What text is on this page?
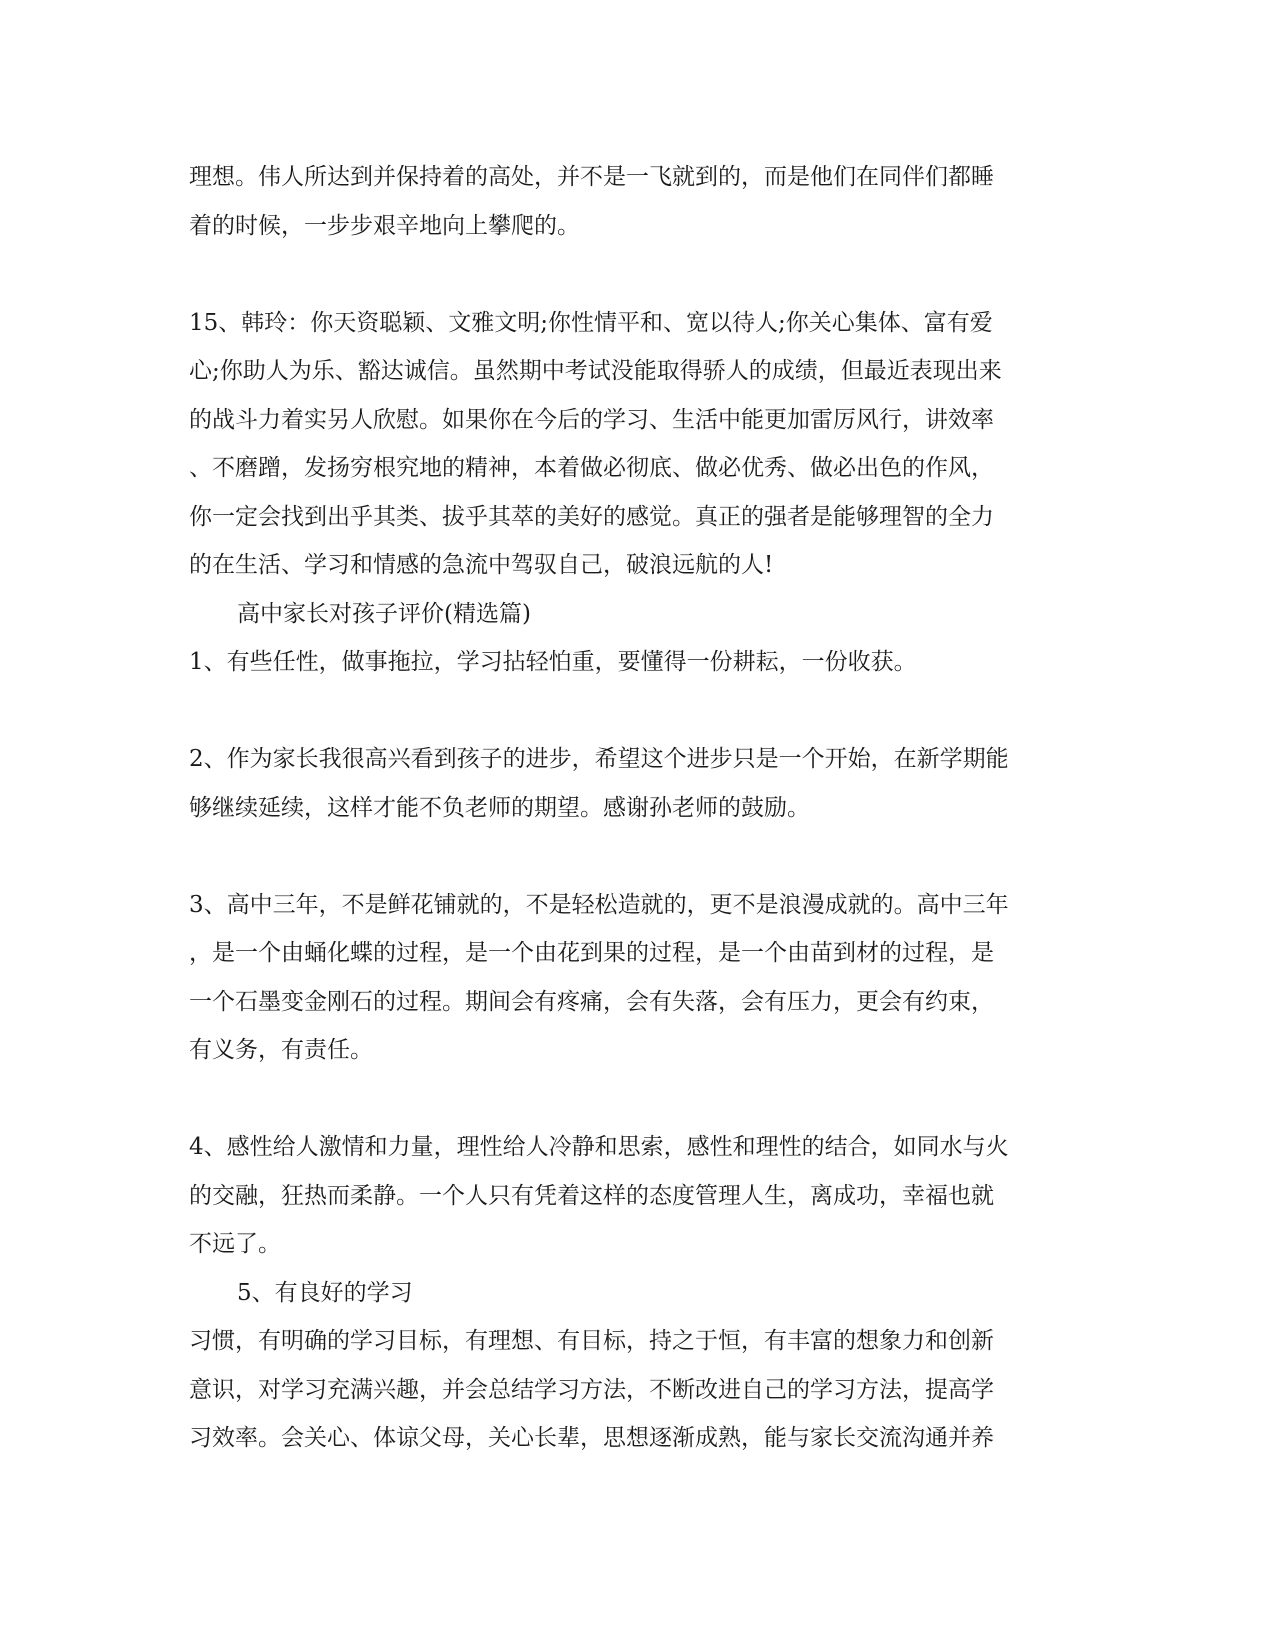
理想。伟人所达到并保持着的高处，并不是一飞就到的，而是他们在同伴们都睡
着的时候，一步步艰辛地向上攀爬的。
15、韩玲：你天资聪颖、文雅文明;你性情平和、宽以待人;你关心集体、富有爱
心;你助人为乐、豁达诚信。虽然期中考试没能取得骄人的成绩，但最近表现出来
的战斗力着实另人欣慰。如果你在今后的学习、生活中能更加雷厉风行，讲效率
、不磨蹭，发扬穷根究地的精神，本着做必彻底、做必优秀、做必出色的作风，
你一定会找到出乎其类、拔乎其萃的美好的感觉。真正的强者是能够理智的全力
的在生活、学习和情感的急流中驾驭自己，破浪远航的人!
高中家长对孩子评价(精选篇)
1、有些任性，做事拖拉，学习拈轻怕重，要懂得一份耕耘，一份收获。
2、作为家长我很高兴看到孩子的进步，希望这个进步只是一个开始，在新学期能
够继续延续，这样才能不负老师的期望。感谢孙老师的鼓励。
3、高中三年，不是鲜花铺就的，不是轻松造就的，更不是浪漫成就的。高中三年
，是一个由蛹化蝶的过程，是一个由花到果的过程，是一个由苗到材的过程，是
一个石墨变金刚石的过程。期间会有疼痛，会有失落，会有压力，更会有约束，
有义务，有责任。
4、感性给人激情和力量，理性给人冷静和思索，感性和理性的结合，如同水与火
的交融，狂热而柔静。一个人只有凭着这样的态度管理人生，离成功，幸福也就
不远了。
5、有良好的学习
习惯，有明确的学习目标，有理想、有目标，持之于恒，有丰富的想象力和创新
意识，对学习充满兴趣，并会总结学习方法，不断改进自己的学习方法，提高学
习效率。会关心、体谅父母，关心长辈，思想逐渐成熟，能与家长交流沟通并养
